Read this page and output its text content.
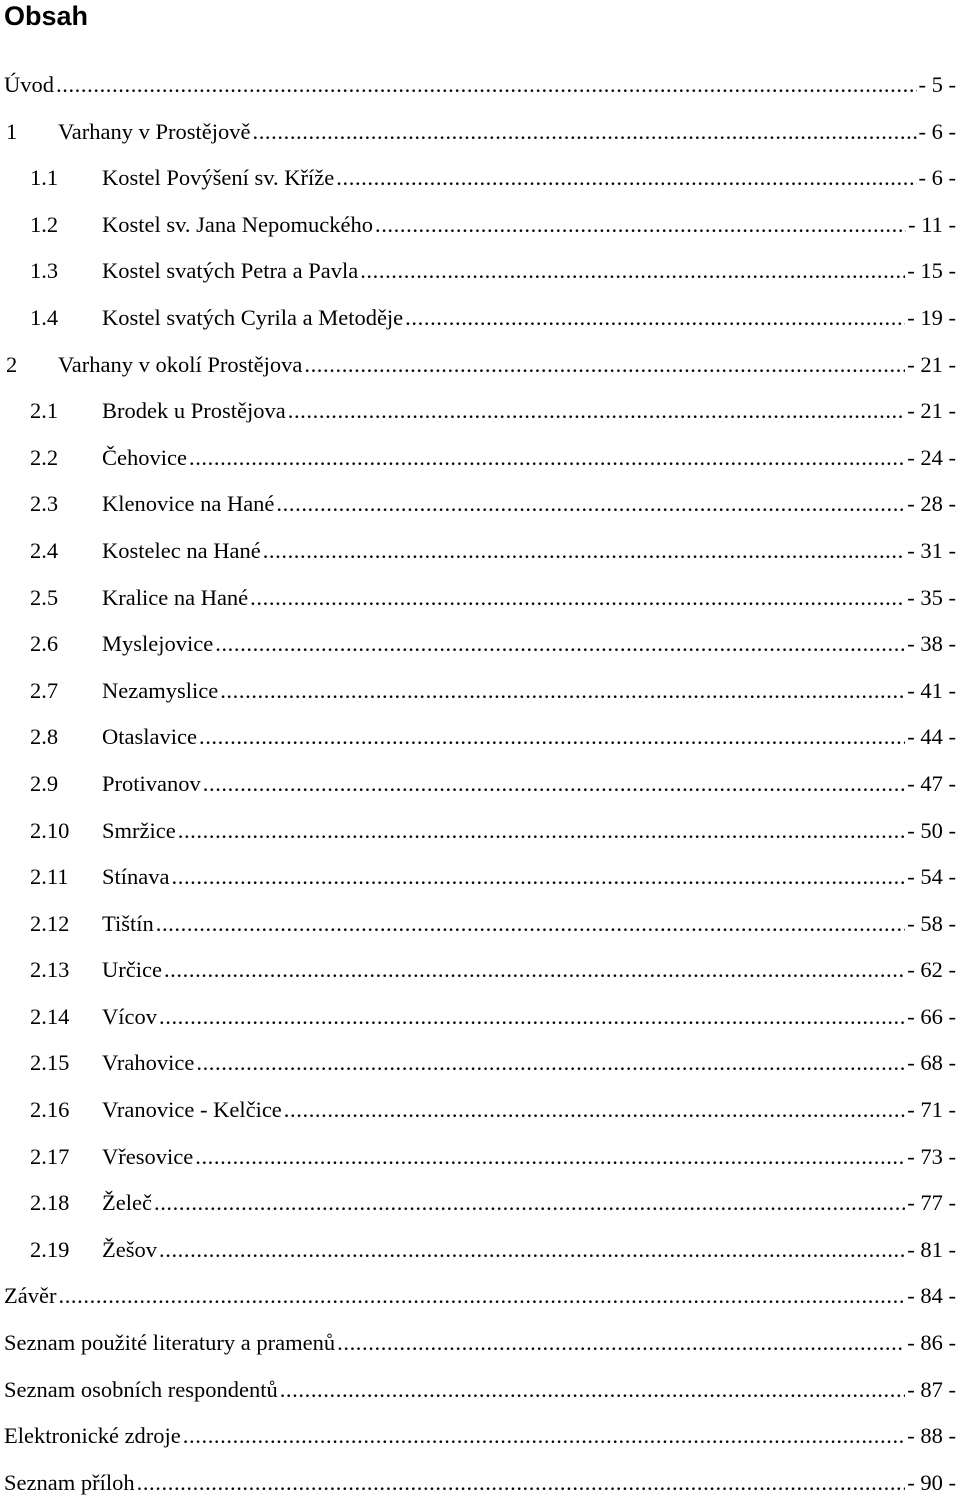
Obsah
Úvod .....	- 5 -
1	Varhany v Prostějově .....	- 6 -
1.1	Kostel Povýšení sv. Kříže .....	- 6 -
1.2	Kostel sv. Jana Nepomuckého .....	- 11 -
1.3	Kostel svatých Petra a Pavla .....	- 15 -
1.4	Kostel svatých Cyrila a Metoděje .....	- 19 -
2	Varhany v okolí Prostějova .....	- 21 -
2.1	Brodek u Prostějova .....	- 21 -
2.2	Čehovice .....	- 24 -
2.3	Klenovice na Hané .....	- 28 -
2.4	Kostelec na Hané .....	- 31 -
2.5	Kralice na Hané .....	- 35 -
2.6	Myslejovice .....	- 38 -
2.7	Nezamyslice .....	- 41 -
2.8	Otaslavice .....	- 44 -
2.9	Protivanov .....	- 47 -
2.10	Smržice .....	- 50 -
2.11	Stínava .....	- 54 -
2.12	Tištín .....	- 58 -
2.13	Určice .....	- 62 -
2.14	Vícov .....	- 66 -
2.15	Vrahovice .....	- 68 -
2.16	Vranovice - Kelčice .....	- 71 -
2.17	Vřesovice .....	- 73 -
2.18	Želeč .....	- 77 -
2.19	Žešov .....	- 81 -
Závěr .....	- 84 -
Seznam použité literatury a pramenů .....	- 86 -
Seznam osobních respondentů .....	- 87 -
Elektronické zdroje .....	- 88 -
Seznam příloh .....	- 90 -
